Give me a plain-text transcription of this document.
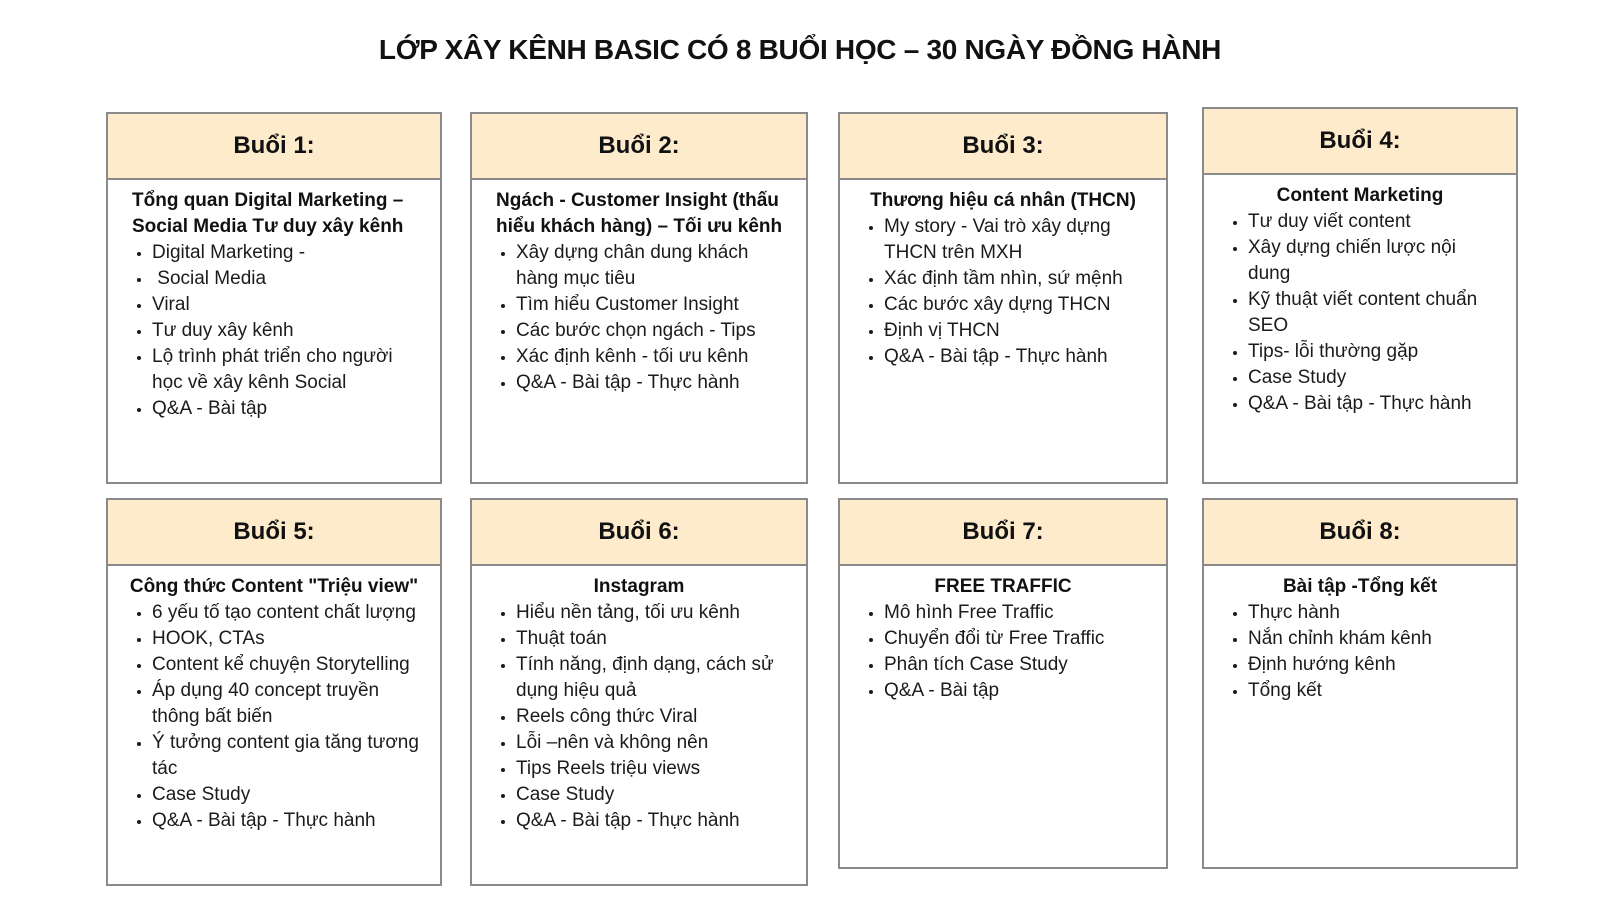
LỚP XÂY KÊNH BASIC CÓ 8 BUỔI HỌC – 30 NGÀY ĐỒNG HÀNH
Buổi 1:
Tổng quan Digital Marketing – Social Media Tư duy xây kênh
• Digital Marketing -
•  Social Media
• Viral
• Tư duy xây kênh
• Lộ trình phát triển cho người học về xây kênh Social
• Q&A - Bài tập
Buổi 2:
Ngách - Customer Insight (thấu hiểu khách hàng) – Tối ưu kênh
• Xây dựng chân dung khách hàng mục tiêu
• Tìm hiểu Customer Insight
• Các bước chọn ngách - Tips
• Xác định kênh - tối ưu kênh
• Q&A - Bài tập - Thực hành
Buổi 3:
Thương hiệu cá nhân (THCN)
• My story - Vai trò xây dựng THCN trên MXH
• Xác định tầm nhìn, sứ mệnh
• Các bước xây dựng THCN
• Định vị THCN
• Q&A - Bài tập - Thực hành
Buổi 4:
Content Marketing
• Tư duy viết content
• Xây dựng chiến lược nội dung
• Kỹ thuật viết content chuẩn SEO
• Tips- lỗi thường gặp
• Case Study
• Q&A - Bài tập - Thực hành
Buổi 5:
Công thức Content "Triệu view"
• 6 yếu tố tạo content chất lượng
• HOOK, CTAs
• Content kể chuyện Storytelling
• Áp dụng 40 concept truyền thông bất biến
• Ý tưởng content gia tăng tương tác
• Case Study
• Q&A - Bài tập - Thực hành
Buổi 6:
Instagram
• Hiểu nền tảng, tối ưu kênh
• Thuật toán
• Tính năng, định dạng, cách sử dụng hiệu quả
• Reels công thức Viral
• Lỗi –nên và không nên
• Tips Reels triệu views
• Case Study
• Q&A - Bài tập - Thực hành
Buổi 7:
FREE TRAFFIC
• Mô hình Free Traffic
• Chuyển đổi từ Free Traffic
• Phân tích Case Study
• Q&A - Bài tập
Buổi 8:
Bài tập -Tổng kết
• Thực hành
• Nắn chỉnh khám kênh
• Định hướng kênh
• Tổng kết
